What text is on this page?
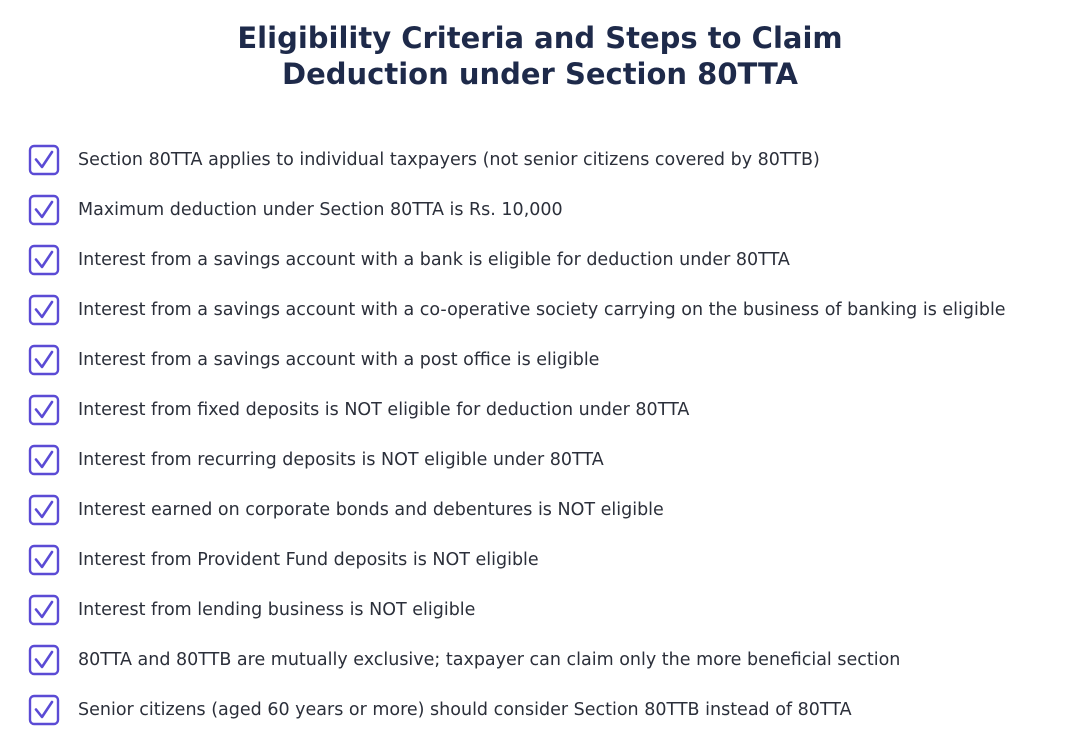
Eligibility Criteria and Steps to Claim
Deduction under Section 80TTA
Section 80TTA applies to individual taxpayers (not senior citizens covered by 80TTB)
Maximum deduction under Section 80TTA is Rs. 10,000
Interest from a savings account with a bank is eligible for deduction under 80TTA
Interest from a savings account with a co-operative society carrying on the business of banking is eligible
Interest from a savings account with a post office is eligible
Interest from fixed deposits is NOT eligible for deduction under 80TTA
Interest from recurring deposits is NOT eligible under 80TTA
Interest earned on corporate bonds and debentures is NOT eligible
Interest from Provident Fund deposits is NOT eligible
Interest from lending business is NOT eligible
80TTA and 80TTB are mutually exclusive; taxpayer can claim only the more beneficial section
Senior citizens (aged 60 years or more) should consider Section 80TTB instead of 80TTA
